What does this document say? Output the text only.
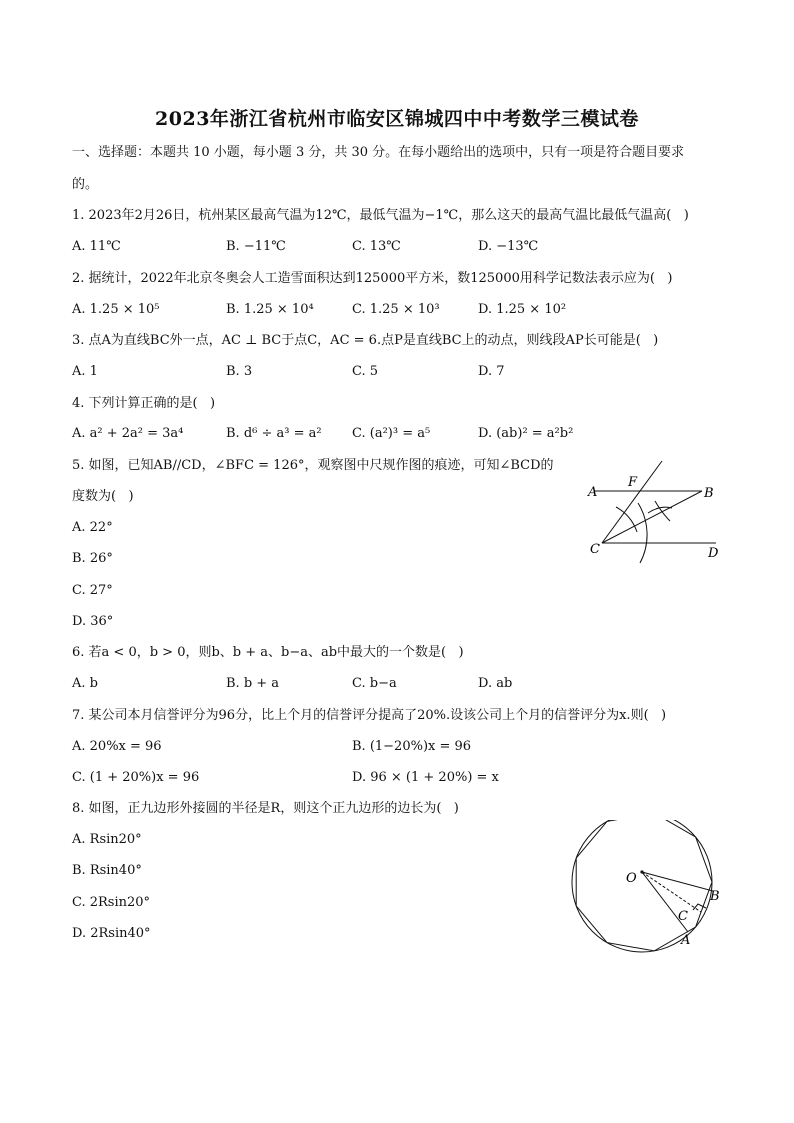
2023年浙江省杭州市临安区锦城四中中考数学三模试卷
一、选择题：本题共 10 小题，每小题 3 分，共 30 分。在每小题给出的选项中，只有一项是符合题目要求
的。
1. 2023年2月26日，杭州某区最高气温为12℃，最低气温为−1℃，那么这天的最高气温比最低气温高(   )
A. 11℃	B. −11℃	C. 13℃	D. −13℃
2. 据统计，2022年北京冬奥会人工造雪面积达到125000平方米，数125000用科学记数法表示应为(   )
A. 1.25 × 10⁵	B. 1.25 × 10⁴	C. 1.25 × 10³	D. 1.25 × 10²
3. 点A为直线BC外一点，AC ⊥ BC于点C，AC = 6.点P是直线BC上的动点，则线段AP长可能是(   )
A. 1	B. 3	C. 5	D. 7
4. 下列计算正确的是(   )
A. a² + 2a² = 3a⁴	B. d⁶ ÷ a³ = a² C. (a²)³ = a⁵	D. (ab)² = a²b²
5. 如图，已知AB//CD，∠BFC = 126°，观察图中尺规作图的痕迹，可知∠BCD的
度数为(   )
A. 22°
B. 26°
C. 27°
D. 36°
A
F
B
C	D
6. 若a < 0，b > 0，则b、b + a、b−a、ab中最大的一个数是(   )
A. b	B. b + a	C. b−a	D. ab
7. 某公司本月信誉评分为96分，比上个月的信誉评分提高了20%.设该公司上个月的信誉评分为x.则(   )
A. 20%x = 96	B. (1−20%)x = 96
C. (1 + 20%)x = 96	D. 96 × (1 + 20%) = x
8. 如图，正九边形外接圆的半径是R，则这个正九边形的边长为(   )
A. Rsin20°
B. Rsin40°
C. 2Rsin20°
D. 2Rsin40°
O
B
C
A
